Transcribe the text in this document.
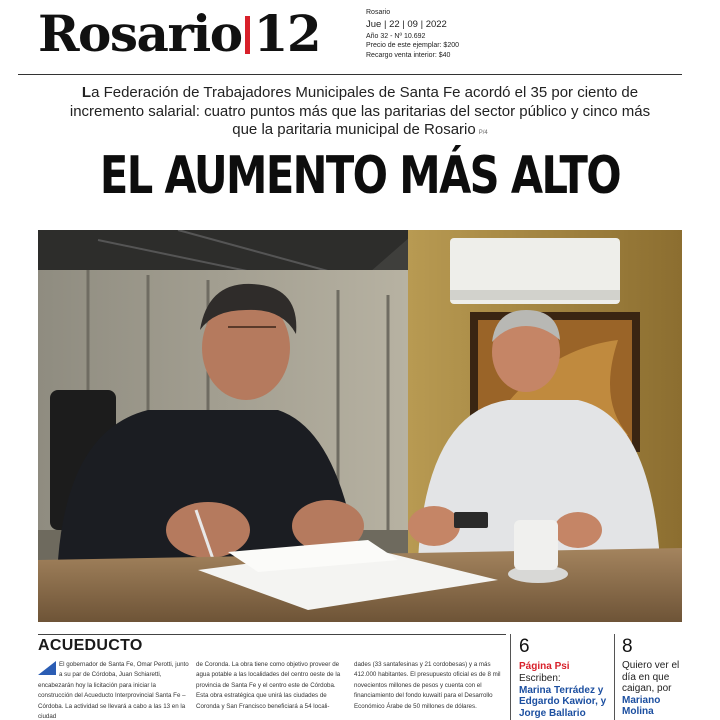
Rosario 12	Rosario
Jue | 22 | 09 | 2022
Año 32 - Nº 10.692
Precio de este ejemplar: $200
Recargo venta interior: $40
La Federación de Trabajadores Municipales de Santa Fe acordó el 35 por ciento de incremento salarial: cuatro puntos más que las paritarias del sector público y cinco más que la paritaria municipal de Rosario P/4
EL AUMENTO MÁS ALTO
ACUEDUCTO
El gobernador de Santa Fe, Omar Perotti, junto a su par de Córdoba, Juan Schiaretti, encabezarán hoy la licitación para iniciar la construcción del Acueducto Interprovincial Santa Fe – Córdoba. La actividad se llevará a cabo a las 13 en la ciudad
de Coronda. La obra tiene como objetivo proveer de agua potable a las localidades del centro oeste de la provincia de Santa Fe y el centro este de Córdoba. Esta obra estratégica que unirá las ciudades de Coronda y San Francisco beneficiará a 54 locali-
dades (33 santafesinas y 21 cordobesas) y a más 412.000 habitantes. El presupuesto oficial es de 8 mil novecientos millones de pesos y cuenta con el financiamiento del fondo kuwaití para el Desarrollo Económico Árabe de 50 millones de dólares.
6
Página Psi
Escriben:
Marina Terrádez y Edgardo Kawior, y Jorge Ballario
8
Quiero ver el día en que caigan, por
Mariano Molina
